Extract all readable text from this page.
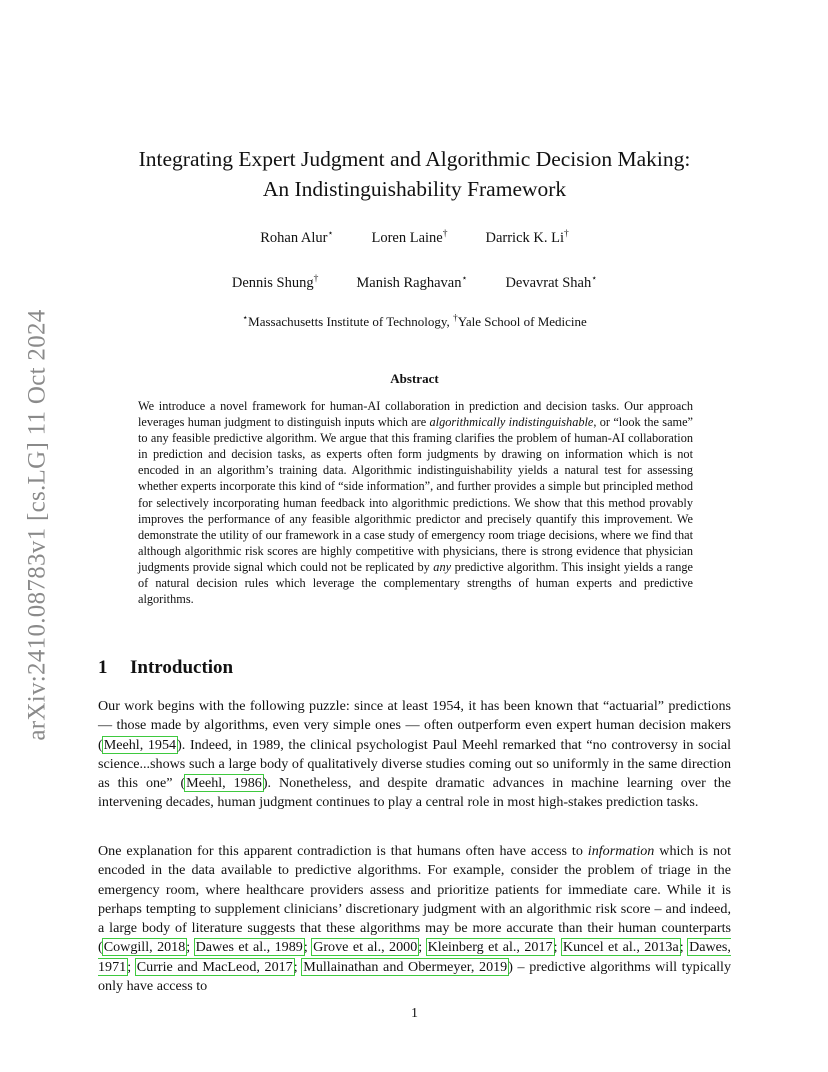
arXiv:2410.08783v1 [cs.LG] 11 Oct 2024
Integrating Expert Judgment and Algorithmic Decision Making:
An Indistinguishability Framework
Rohan Alur⋆	Loren Laine†	Darrick K. Li†
Dennis Shung†	Manish Raghavan⋆	Devavrat Shah⋆
⋆Massachusetts Institute of Technology, †Yale School of Medicine
Abstract
We introduce a novel framework for human-AI collaboration in prediction and decision tasks. Our approach leverages human judgment to distinguish inputs which are algorithmically indistinguishable, or “look the same” to any feasible predictive algorithm. We argue that this framing clarifies the problem of human-AI collaboration in prediction and decision tasks, as experts often form judgments by drawing on information which is not encoded in an algorithm’s training data. Algorithmic indistinguishability yields a natural test for assessing whether experts incorporate this kind of “side information”, and further provides a simple but principled method for selectively incorporating human feedback into algorithmic predictions. We show that this method provably improves the performance of any feasible algorithmic predictor and precisely quantify this improvement. We demonstrate the utility of our framework in a case study of emergency room triage decisions, where we find that although algorithmic risk scores are highly competitive with physicians, there is strong evidence that physician judgments provide signal which could not be replicated by any predictive algorithm. This insight yields a range of natural decision rules which leverage the complementary strengths of human experts and predictive algorithms.
1 Introduction
Our work begins with the following puzzle: since at least 1954, it has been known that “actuarial” predictions — those made by algorithms, even very simple ones — often outperform even expert human decision makers (Meehl, 1954). Indeed, in 1989, the clinical psychologist Paul Meehl remarked that “no controversy in social science...shows such a large body of qualitatively diverse studies coming out so uniformly in the same direction as this one” (Meehl, 1986). Nonetheless, and despite dramatic advances in machine learning over the intervening decades, human judgment continues to play a central role in most high-stakes prediction tasks.
One explanation for this apparent contradiction is that humans often have access to information which is not encoded in the data available to predictive algorithms. For example, consider the problem of triage in the emergency room, where healthcare providers assess and prioritize patients for immediate care. While it is perhaps tempting to supplement clinicians’ discretionary judgment with an algorithmic risk score – and indeed, a large body of literature suggests that these algorithms may be more accurate than their human counterparts (Cowgill, 2018; Dawes et al., 1989; Grove et al., 2000; Kleinberg et al., 2017; Kuncel et al., 2013a; Dawes, 1971; Currie and MacLeod, 2017; Mullainathan and Obermeyer, 2019) – predictive algorithms will typically only have access to
1
